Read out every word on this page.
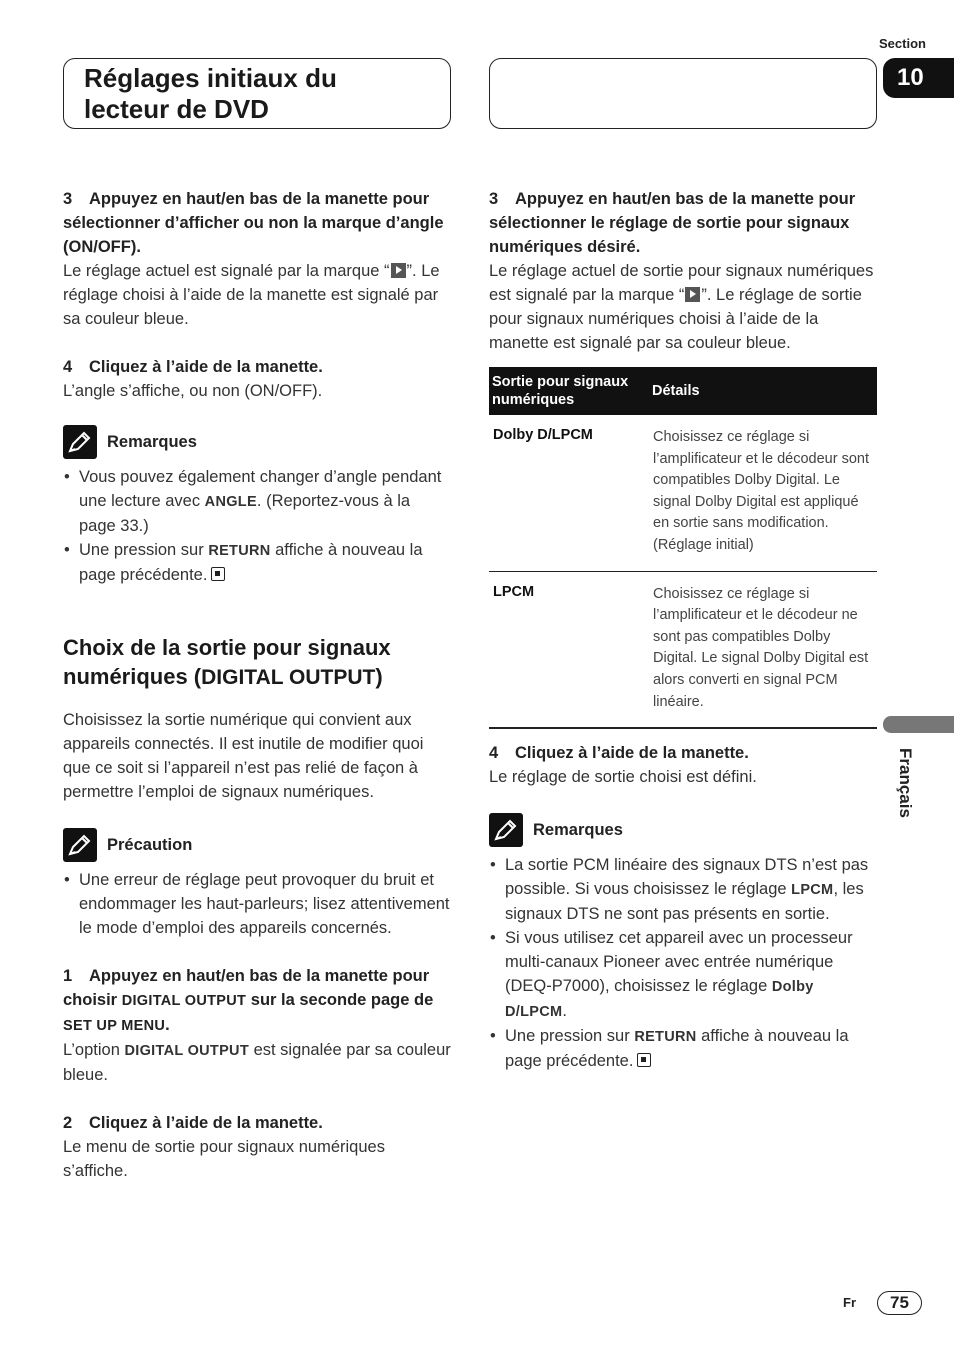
Réglages initiaux du
lecteur de DVD
Section
10
3 Appuyez en haut/en bas de la manette pour sélectionner d’afficher ou non la marque d’angle (ON/OFF).
Le réglage actuel est signalé par la marque “ ”. Le réglage choisi à l’aide de la manette est signalé par sa couleur bleue.
4 Cliquez à l’aide de la manette.
L’angle s’affiche, ou non (ON/OFF).
Remarques
• Vous pouvez également changer d’angle pendant une lecture avec ANGLE. (Reportez-vous à la page 33.)
• Une pression sur RETURN affiche à nouveau la page précédente.
Choix de la sortie pour signaux numériques (DIGITAL OUTPUT)
Choisissez la sortie numérique qui convient aux appareils connectés. Il est inutile de modifier quoi que ce soit si l’appareil n’est pas relié de façon à permettre l’emploi de signaux numériques.
Précaution
• Une erreur de réglage peut provoquer du bruit et endommager les haut-parleurs; lisez attentivement le mode d’emploi des appareils concernés.
1 Appuyez en haut/en bas de la manette pour choisir DIGITAL OUTPUT sur la seconde page de SET UP MENU.
L’option DIGITAL OUTPUT est signalée par sa couleur bleue.
2 Cliquez à l’aide de la manette.
Le menu de sortie pour signaux numériques s’affiche.
3 Appuyez en haut/en bas de la manette pour sélectionner le réglage de sortie pour signaux numériques désiré.
Le réglage actuel de sortie pour signaux numériques est signalé par la marque “ ”. Le réglage de sortie pour signaux numériques choisi à l’aide de la manette est signalé par sa couleur bleue.
Sortie pour signaux numériques	Détails
Dolby D/LPCM	Choisissez ce réglage si l’amplificateur et le décodeur sont compatibles Dolby Digital. Le signal Dolby Digital est appliqué en sortie sans modification. (Réglage initial)
LPCM	Choisissez ce réglage si l’amplificateur et le décodeur ne sont pas compatibles Dolby Digital. Le signal Dolby Digital est alors converti en signal PCM linéaire.
4 Cliquez à l’aide de la manette.
Le réglage de sortie choisi est défini.
Remarques
• La sortie PCM linéaire des signaux DTS n’est pas possible. Si vous choisissez le réglage LPCM, les signaux DTS ne sont pas présents en sortie.
• Si vous utilisez cet appareil avec un processeur multi-canaux Pioneer avec entrée numérique (DEQ-P7000), choisissez le réglage Dolby D/LPCM.
• Une pression sur RETURN affiche à nouveau la page précédente.
Français
Fr	75
